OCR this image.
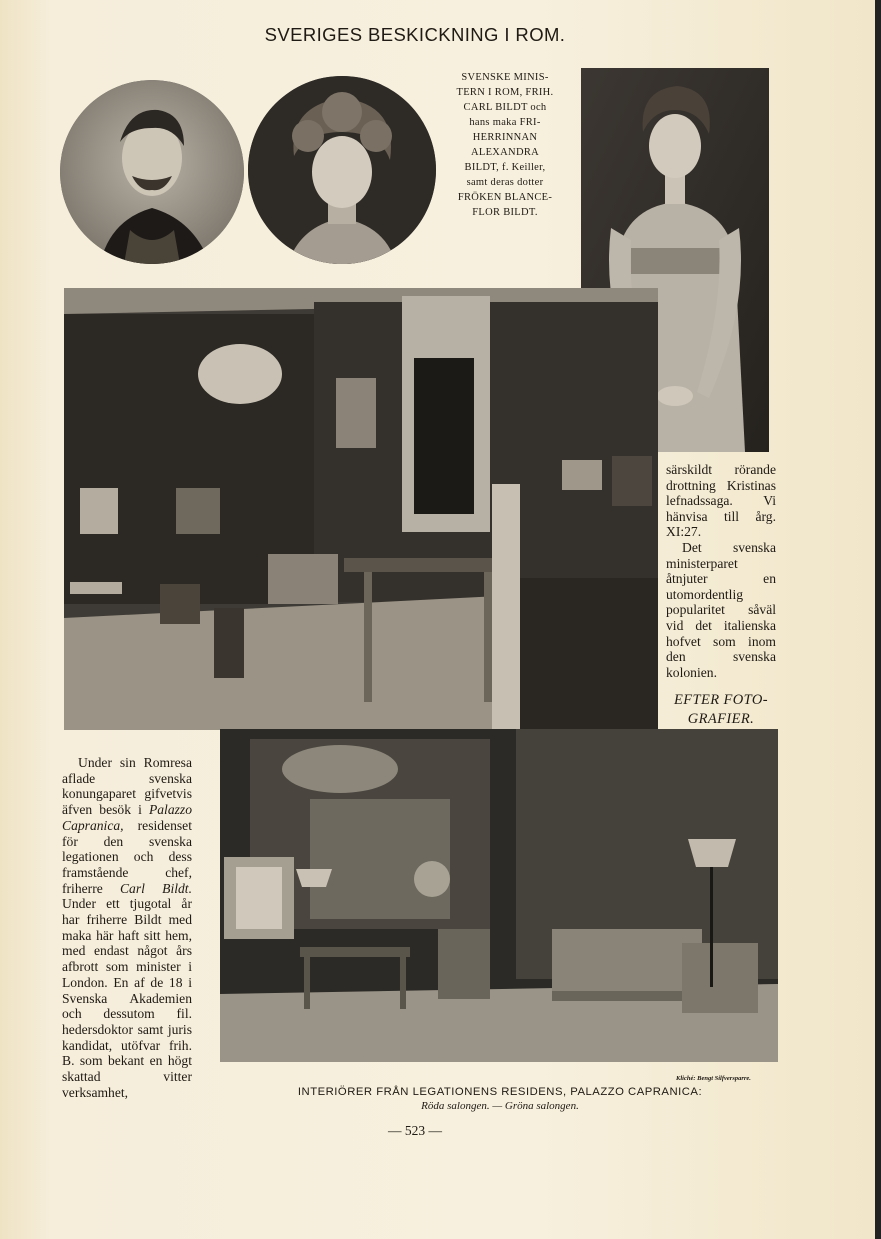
SVERIGES BESKICKNING I ROM.
SVENSKE MINIS-
TERN I ROM, FRIH.
CARL BILDT och
hans maka FRI-
HERRINNAN
ALEXANDRA
BILDT, f. Keiller,
samt deras dotter
FRÖKEN BLANCE-
FLOR BILDT.

särskildt rörande drottning Kristinas lefnadssaga. Vi hänvisa till årg. XI:27.

Det svenska ministerparet åtnjuter en utomordentlig popularitet såväl vid det italienska hofvet som inom den svenska kolonien.

EFTER FOTO-
GRAFIER.

Under sin Romresa aflade svenska konungaparet gifvetvis äfven besök i Palazzo Capranica, residenset för den svenska legationen och dess framstående chef, friherre Carl Bildt. Under ett tjugotal år har friherre Bildt med maka här haft sitt hem, med endast något års afbrott som minister i London. En af de 18 i Svenska Akademien och dessutom fil. hedersdoktor samt juris kandidat, utöfvar frih. B. som bekant en högt skattad vitter verksamhet,

Kliché: Bengt Silfversparre.
INTERIÖRER FRÅN LEGATIONENS RESIDENS, PALAZZO CAPRANICA:
Röda salongen. — Gröna salongen.
— 523 —
